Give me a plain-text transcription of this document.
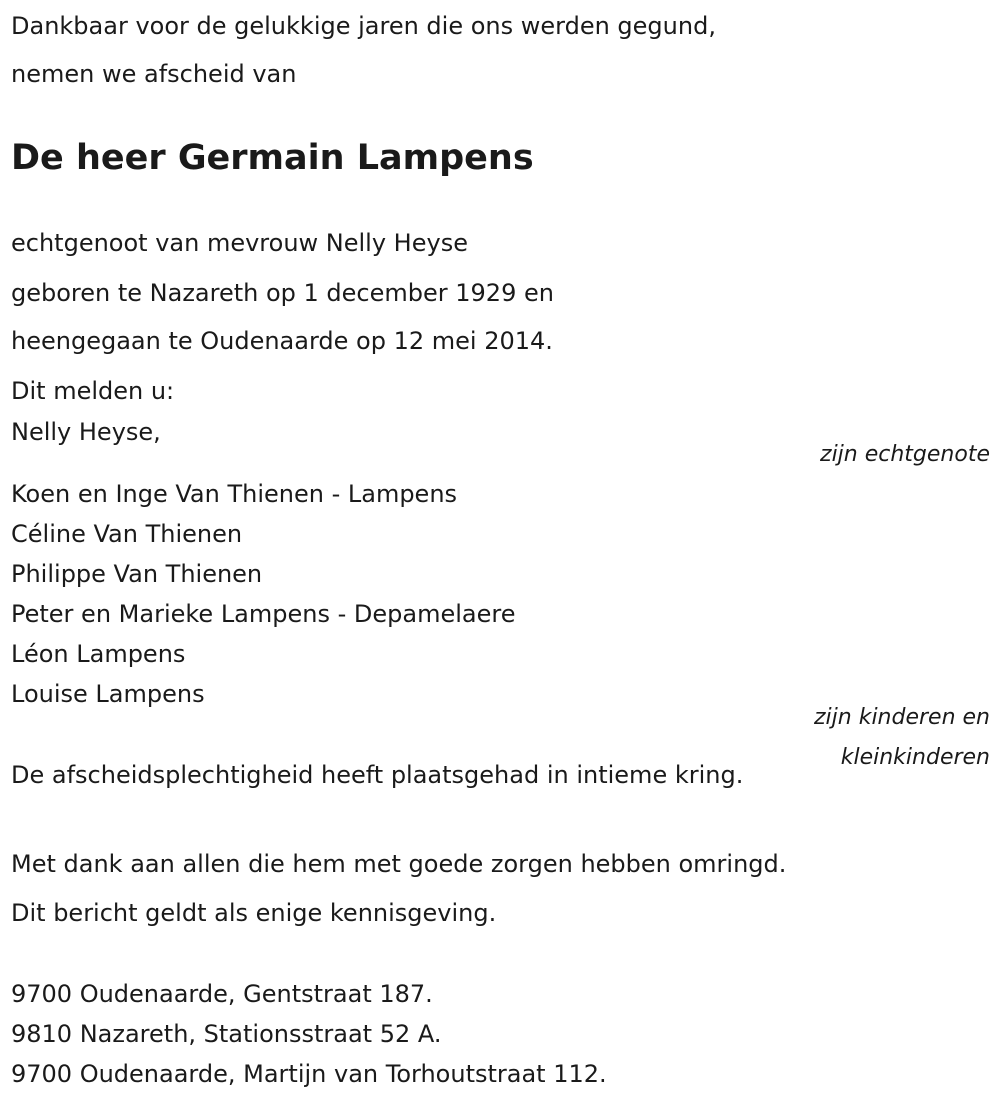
Dankbaar voor de gelukkige jaren die ons werden gegund,

nemen we afscheid van

De heer Germain Lampens

echtgenoot van mevrouw Nelly Heyse

geboren te Nazareth op 1 december 1929 en

heengegaan te Oudenaarde op 12 mei 2014.

Dit melden u:

Nelly Heyse,

zijn echtgenote

Koen en Inge Van Thienen - Lampens
Céline Van Thienen
Philippe Van Thienen
Peter en Marieke Lampens - Depamelaere
Léon Lampens
Louise Lampens

zijn kinderen en

kleinkinderen

De afscheidsplechtigheid heeft plaatsgehad in intieme kring.

Met dank aan allen die hem met goede zorgen hebben omringd.

Dit bericht geldt als enige kennisgeving.

9700 Oudenaarde, Gentstraat 187.
9810 Nazareth, Stationsstraat 52 A.
9700 Oudenaarde, Martijn van Torhoutstraat 112.
